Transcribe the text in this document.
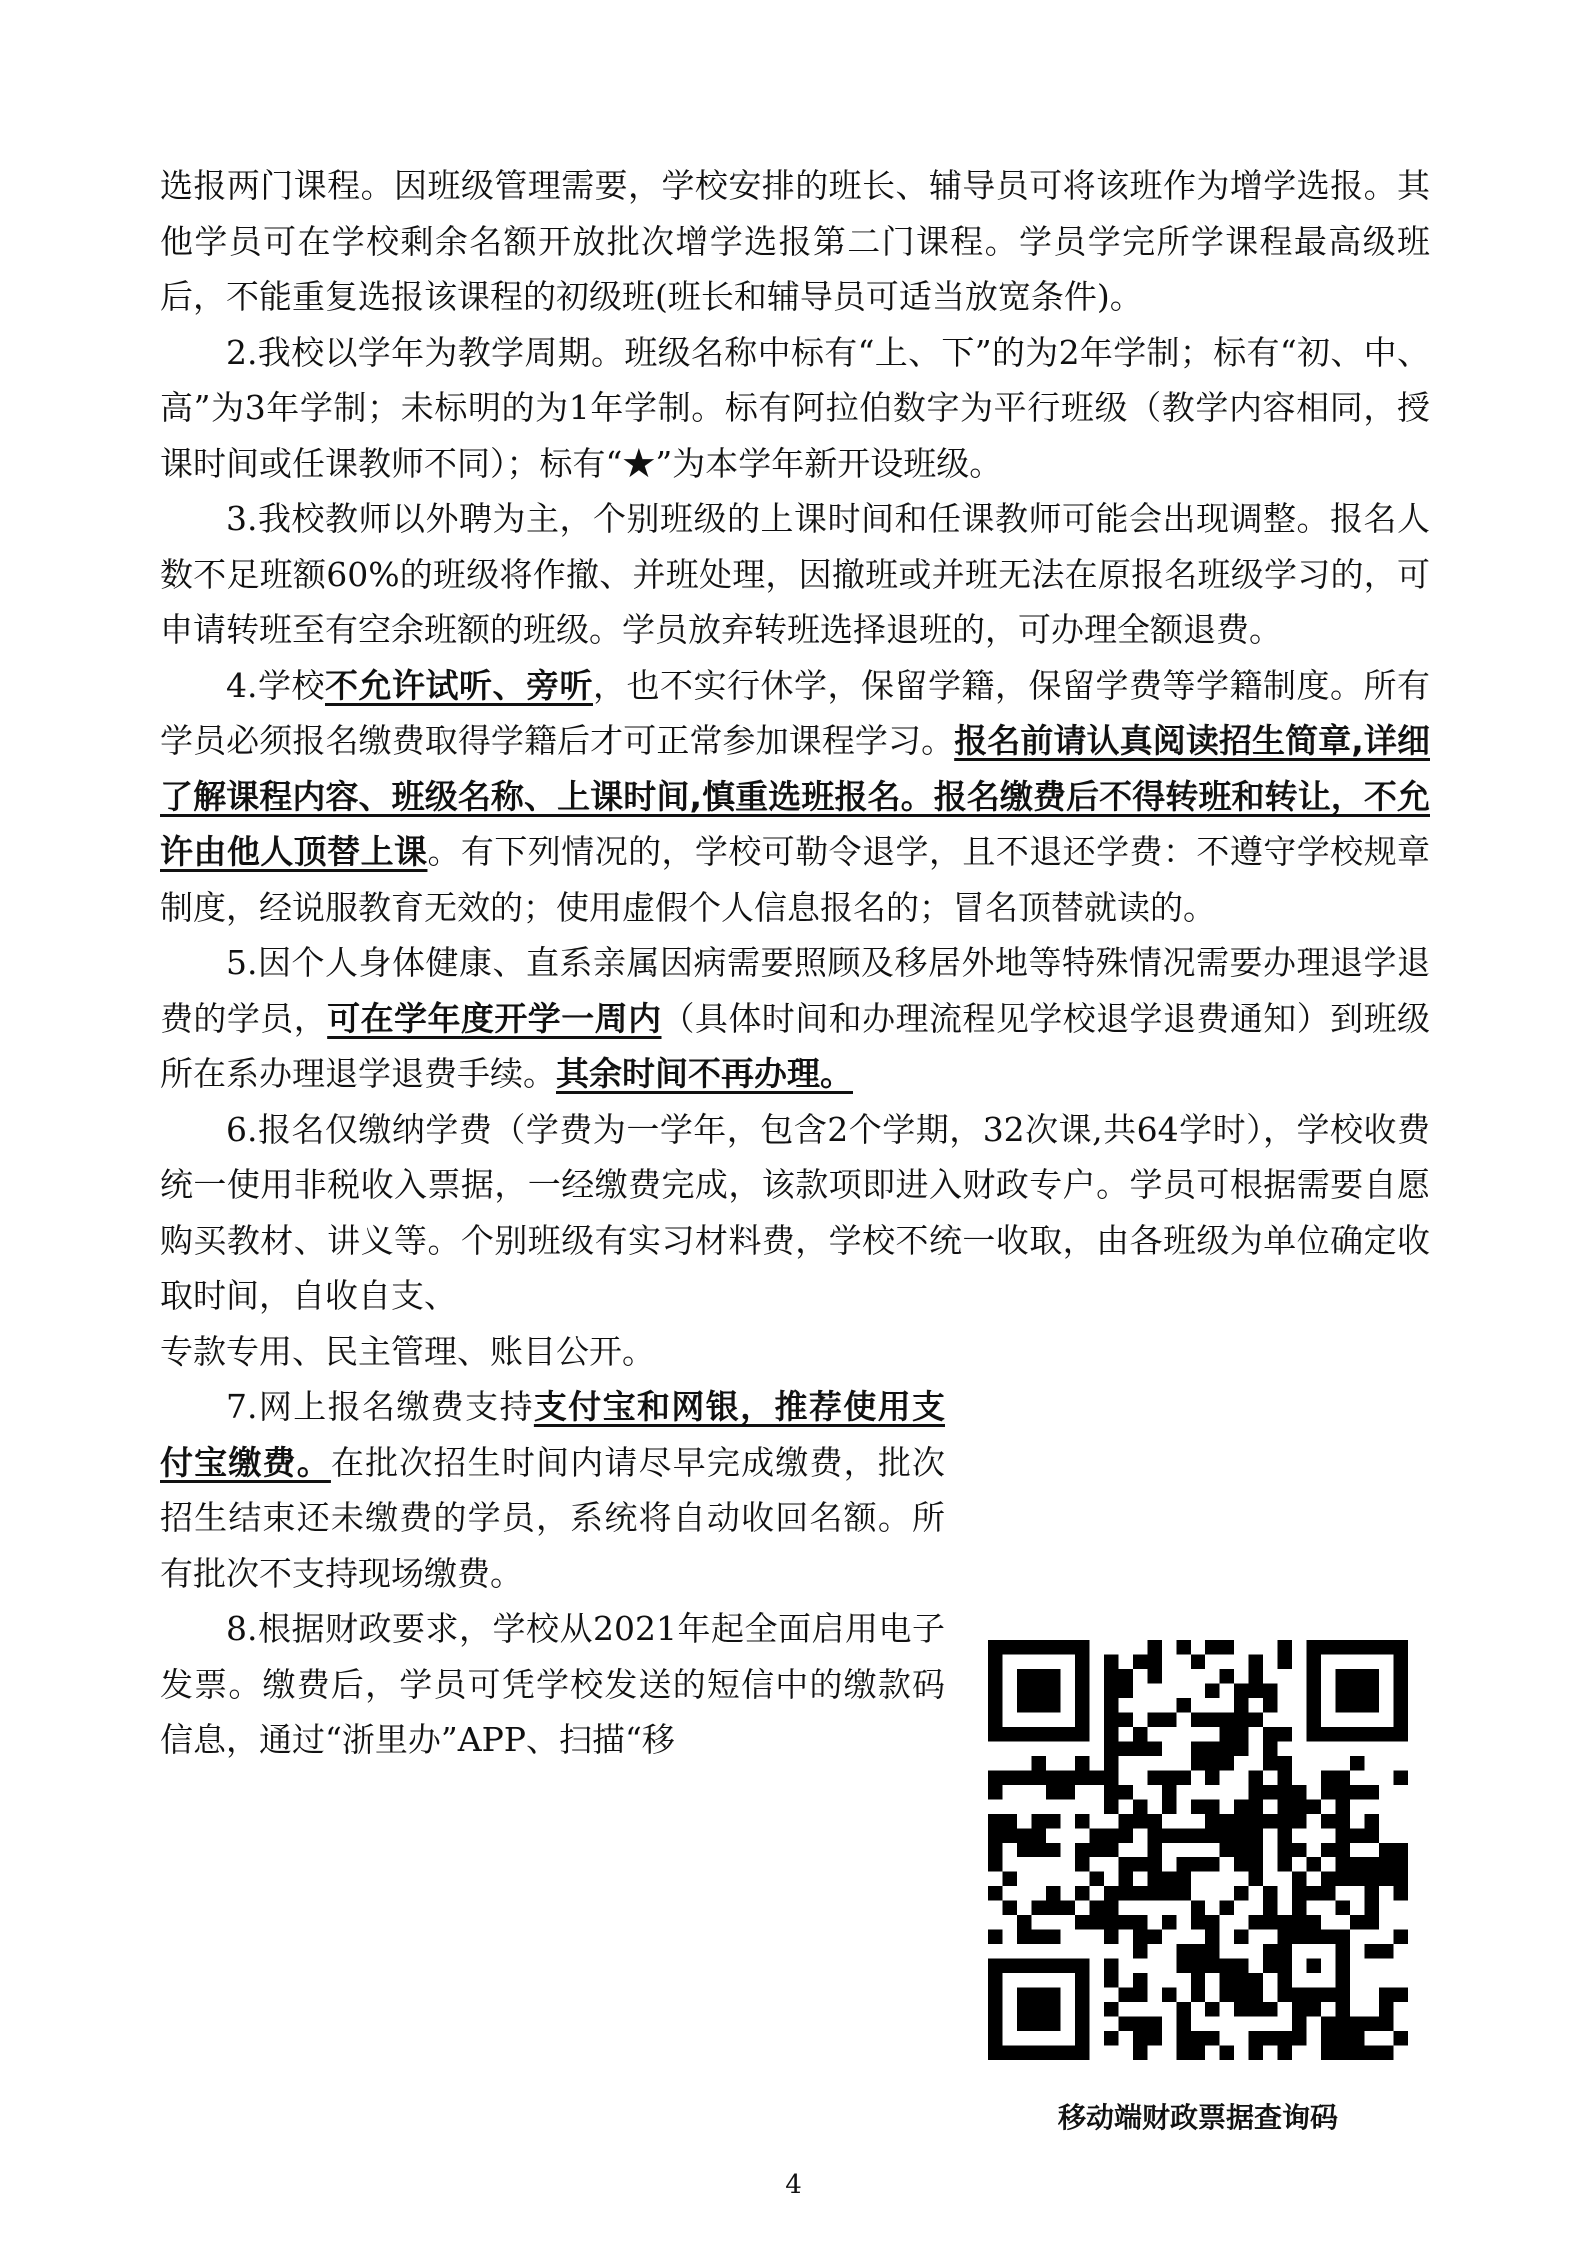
选报两门课程。因班级管理需要，学校安排的班长、辅导员可将该班作为增学选报。其他学员可在学校剩余名额开放批次增学选报第二门课程。学员学完所学课程最高级班后，不能重复选报该课程的初级班(班长和辅导员可适当放宽条件)。

2.我校以学年为教学周期。班级名称中标有“上、下”的为2年学制；标有“初、中、高”为3年学制；未标明的为1年学制。标有阿拉伯数字为平行班级（教学内容相同，授课时间或任课教师不同）；标有“★”为本学年新开设班级。

3.我校教师以外聘为主，个别班级的上课时间和任课教师可能会出现调整。报名人数不足班额60%的班级将作撤、并班处理，因撤班或并班无法在原报名班级学习的，可申请转班至有空余班额的班级。学员放弃转班选择退班的，可办理全额退费。

4.学校不允许试听、旁听，也不实行休学，保留学籍，保留学费等学籍制度。所有学员必须报名缴费取得学籍后才可正常参加课程学习。报名前请认真阅读招生简章,详细了解课程内容、班级名称、上课时间,慎重选班报名。报名缴费后不得转班和转让，不允许由他人顶替上课。有下列情况的，学校可勒令退学，且不退还学费：不遵守学校规章制度，经说服教育无效的；使用虚假个人信息报名的；冒名顶替就读的。

5.因个人身体健康、直系亲属因病需要照顾及移居外地等特殊情况需要办理退学退费的学员，可在学年度开学一周内（具体时间和办理流程见学校退学退费通知）到班级所在系办理退学退费手续。其余时间不再办理。

6.报名仅缴纳学费（学费为一学年，包含2个学期，32次课,共64学时），学校收费统一使用非税收入票据，一经缴费完成，该款项即进入财政专户。学员可根据需要自愿购买教材、讲义等。个别班级有实习材料费，学校不统一收取，由各班级为单位确定收取时间，自收自支、

专款专用、民主管理、账目公开。

7.网上报名缴费支持支付宝和网银，推荐使用支付宝缴费。在批次招生时间内请尽早完成缴费，批次招生结束还未缴费的学员，系统将自动收回名额。所有批次不支持现场缴费。

8.根据财政要求，学校从2021年起全面启用电子发票。缴费后，学员可凭学校发送的短信中的缴款码信息，通过“浙里办”APP、扫描“移

移动端财政票据查询码
4
